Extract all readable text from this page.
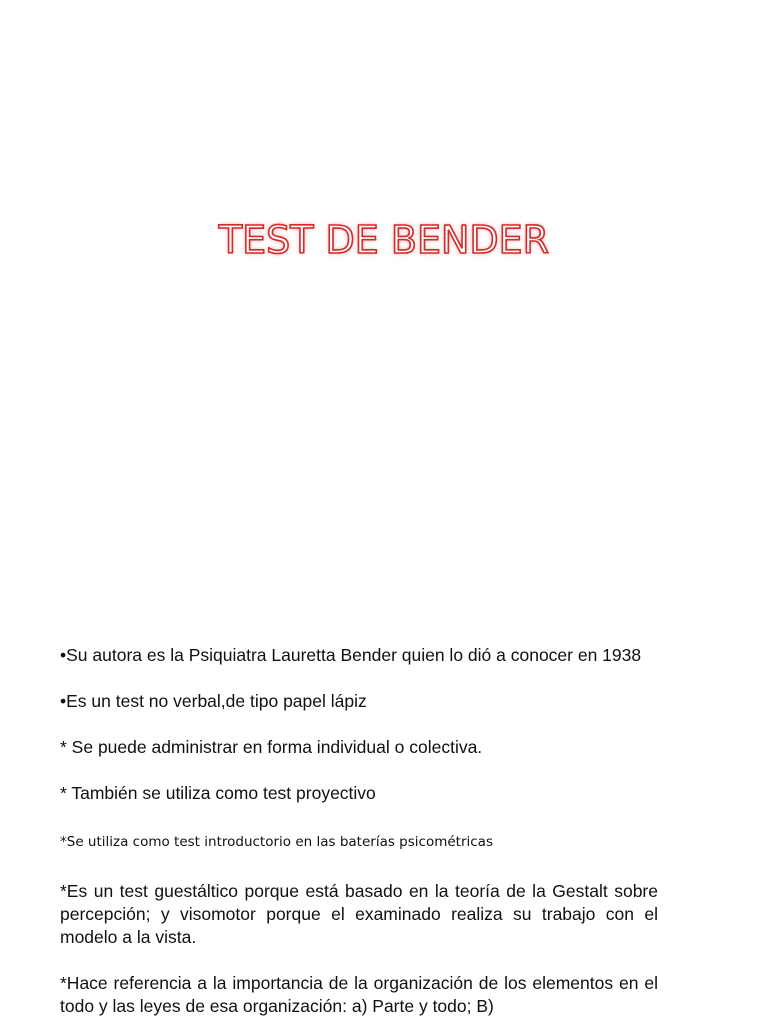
TEST DE BENDER

•Su autora es la Psiquiatra Lauretta Bender quien lo dió a conocer en 1938

•Es un test no verbal,de tipo papel lápiz

* Se puede administrar en forma individual o colectiva.

* También se utiliza como test proyectivo

*Se utiliza como test introductorio en las baterías psicométricas

*Es un test guestáltico porque está basado en la teoría de la Gestalt sobre percepción; y visomotor porque el examinado realiza su trabajo con el modelo a la vista.

*Hace referencia a la importancia de la organización de los elementos en el todo y las leyes de esa organización: a) Parte y todo; B)
